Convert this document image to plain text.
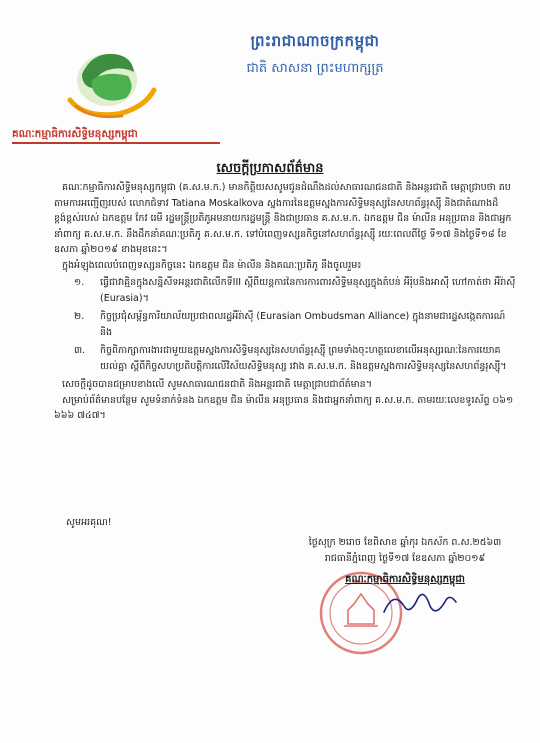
ព្រះរាជាណាចក្រកម្ពុជា
ជាតិ សាសនា ព្រះមហាក្សត្រ
គណៈកម្មាធិការសិទ្ធិមនុស្សកម្ពុជា
សេចក្តីប្រកាសព័ត៌មាន

គណៈកម្មាធិការសិទ្ធិមនុស្សកម្ពុជា (គ.ស.ម.ក.) មានកិត្តិយសសូមជូនដំណឹងដល់សាធារណជនជាតិ និងអន្តរជាតិ មេត្តាជ្រាបថា តបតាមការអញ្ជើញរបស់ លោកជំទាវ Tatiana Moskalkova ស្នងការនៃឧត្តមស្នងការសិទ្ធិមនុស្សនៃសហព័ន្ធរុស្ស៊ី និងជាតំណាងដ៏ខ្ពង់ខ្ពស់របស់ ឯកឧត្តម កែវ រេមី រដ្ឋមន្ត្រីប្រតិភូអមនាយករដ្ឋមន្ត្រី និងជាប្រធាន គ.ស.ម.ក. ឯកឧត្តម ជិន ម៉ាលីន អនុប្រធាន និងជាអ្នកនាំពាក្យ គ.ស.ម.ក. នឹងដឹកនាំគណៈប្រតិភូ គ.ស.ម.ក. ទៅបំពេញទស្សនកិច្ចនៅសហព័ន្ធរុស្ស៊ី រយៈពេលពីថ្ងៃ ទី១៧ និងថ្ងៃទី១៨ ខែឧសភា ឆ្នាំ២០១៩ ខាងមុខនេះ។

ក្នុងអំឡុងពេលបំពេញទស្សនកិច្ចនេះ ឯកឧត្តម ជិន ម៉ាលីន និងគណៈប្រតិភូ នឹងចូលរួម៖

១. ធ្វើជាវាគ្មិនក្នុងសន្និសីទអន្តរជាតិលើកទីIII ស្តីពីយន្តការនៃការការពារសិទ្ធិមនុស្សក្នុងតំបន់ អឺរ៉ុបនិងអាស៊ី ហៅកាត់ថា អឺរ៉ាស៊ី (Eurasia)។
២. កិច្ចប្រជុំសម្ព័ន្ធការិយាល័យប្រជាពលរដ្ឋអឺរ៉ាស៊ី (Eurasian Ombudsman Alliance) ក្នុងនាមជារដ្ឋសង្កេតការណ៍ និង
៣. កិច្ចពិភាក្សាការងារជាមួយឧត្តមស្នងការសិទ្ធិមនុស្សនៃសហព័ន្ធរុស្ស៊ី ព្រមទាំងចុះហត្ថលេខាលើអនុស្សរណៈនៃការយោគយល់គ្នា ស្តីពីកិច្ចសហប្រតិបត្តិការលើវិស័យសិទ្ធិមនុស្ស រវាង គ.ស.ម.ក. និងឧត្តមស្នងការសិទ្ធិមនុស្សនៃសហព័ន្ធរុស្ស៊ី។

សេចក្តីដូចបានជម្រាបខាងលើ សូមសាធារណជនជាតិ និងអន្តរជាតិ មេត្តាជ្រាបជាព័ត៌មាន។

សម្រាប់ព័ត៌មានបន្ថែម សូមទំនាក់ទំនង ឯកឧត្តម ជិន ម៉ាលីន អនុប្រធាន និងជាអ្នកនាំពាក្យ គ.ស.ម.ក. តាមរយៈលេខទូរស័ព្ទ ០៦១ ៦៦៦ ៧៤៧។

សូមអរគុណ!
ថ្ងៃសុក្រ ២រោច ខែពិសាខ ឆ្នាំកុរ ឯកស័ក ព.ស.២៥៦៣
រាជធានីភ្នំពេញ ថ្ងៃទី១៧ ខែឧសភា ឆ្នាំ២០១៩
គណៈកម្មាធិការសិទ្ធិមនុស្សកម្ពុជា
